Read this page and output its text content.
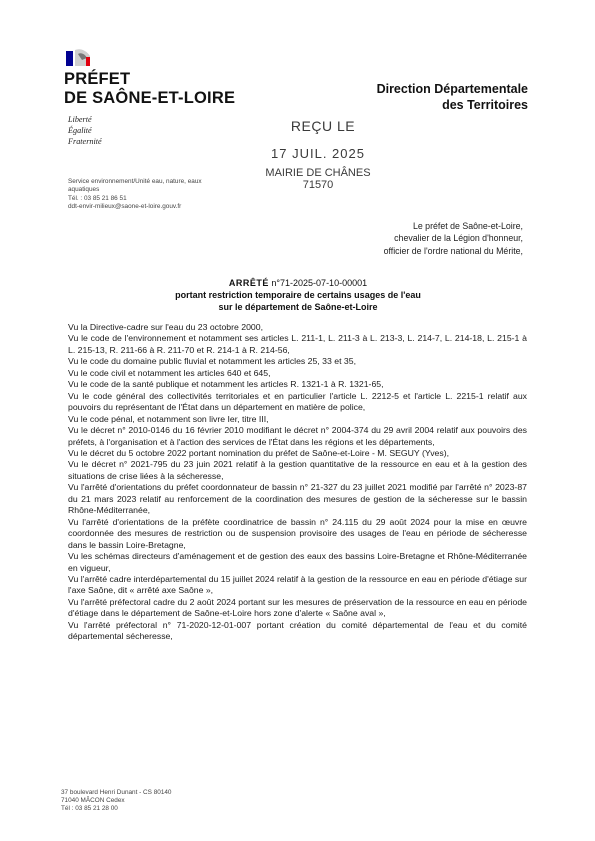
PRÉFET
DE SAÔNE-ET-LOIRE
Liberté
Égalité
Fraternité
Direction Départementale
des Territoires
REÇU LE
17 JUIL. 2025
MAIRIE DE CHÂNES
71570
Service environnement/Unité eau, nature, eaux
aquatiques
Tél. : 03 85 21 86 51
ddt-envir-milieux@saone-et-loire.gouv.fr
Le préfet de Saône-et-Loire,
chevalier de la Légion d'honneur,
officier de l'ordre national du Mérite,
ARRÊTÉ n°71-2025-07-10-00001
portant restriction temporaire de certains usages de l'eau
sur le département de Saône-et-Loire

Vu la Directive-cadre sur l'eau du 23 octobre 2000,

Vu le code de l'environnement et notamment ses articles L. 211-1, L. 211-3 à L. 213-3, L. 214-7, L. 214-18, L. 215-1 à L. 215-13, R. 211-66 à R. 211-70 et R. 214-1 à R. 214-56,

Vu le code du domaine public fluvial et notamment les articles 25, 33 et 35,

Vu le code civil et notamment les articles 640 et 645,

Vu le code de la santé publique et notamment les articles R. 1321-1 à R. 1321-65,

Vu le code général des collectivités territoriales et en particulier l'article L. 2212-5 et l'article L. 2215-1 relatif aux pouvoirs du représentant de l'État dans un département en matière de police,

Vu le code pénal, et notamment son livre Ier, titre III,

Vu le décret n° 2010-0146 du 16 février 2010 modifiant le décret n° 2004-374 du 29 avril 2004 relatif aux pouvoirs des préfets, à l'organisation et à l'action des services de l'État dans les régions et les départements,

Vu le décret du 5 octobre 2022 portant nomination du préfet de Saône-et-Loire - M. SEGUY (Yves),

Vu le décret n° 2021-795 du 23 juin 2021 relatif à la gestion quantitative de la ressource en eau et à la gestion des situations de crise liées à la sécheresse,

Vu l'arrêté d'orientations du préfet coordonnateur de bassin n° 21-327 du 23 juillet 2021 modifié par l'arrêté n° 2023-87 du 21 mars 2023 relatif au renforcement de la coordination des mesures de gestion de la sécheresse sur le bassin Rhône-Méditerranée,

Vu l'arrêté d'orientations de la préfète coordinatrice de bassin n° 24.115 du 29 août 2024 pour la mise en œuvre coordonnée des mesures de restriction ou de suspension provisoire des usages de l'eau en période de sécheresse dans le bassin Loire-Bretagne,

Vu les schémas directeurs d'aménagement et de gestion des eaux des bassins Loire-Bretagne et Rhône-Méditerranée en vigueur,

Vu l'arrêté cadre interdépartemental du 15 juillet 2024 relatif à la gestion de la ressource en eau en période d'étiage sur l'axe Saône, dit « arrêté axe Saône »,

Vu l'arrêté préfectoral cadre du 2 août 2024 portant sur les mesures de préservation de la ressource en eau en période d'étiage dans le département de Saône-et-Loire hors zone d'alerte « Saône aval »,

Vu l'arrêté préfectoral n° 71-2020-12-01-007 portant création du comité départemental de l'eau et du comité départemental sécheresse,

37 boulevard Henri Dunant - CS 80140
71040 MÂCON Cedex
Tél : 03 85 21 28 00
